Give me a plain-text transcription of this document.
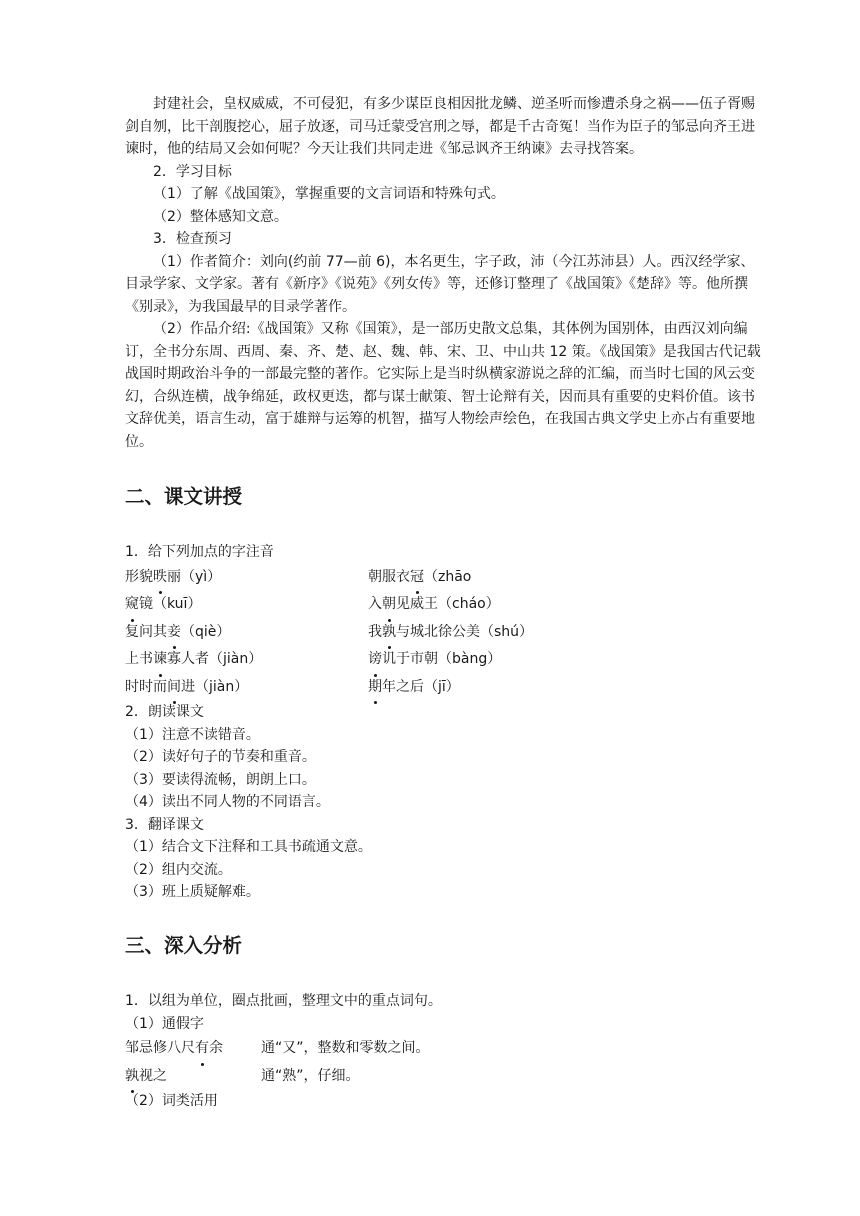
封建社会，皇权威威，不可侵犯，有多少谋臣良相因批龙鳞、逆圣听而惨遭杀身之祸——伍子胥赐剑自刎，比干剖腹挖心，屈子放逐，司马迁蒙受宫刑之辱，都是千古奇冤！当作为臣子的邹忌向齐王进谏时，他的结局又会如何呢？今天让我们共同走进《邹忌讽齐王纳谏》去寻找答案。

2．学习目标

（1）了解《战国策》，掌握重要的文言词语和特殊句式。

（2）整体感知文意。

3．检查预习

（1）作者简介：刘向(约前 77—前 6)，本名更生，字子政，沛（今江苏沛县）人。西汉经学家、目录学家、文学家。著有《新序》《说苑》《列女传》等，还修订整理了《战国策》《楚辞》等。他所撰《别录》，为我国最早的目录学著作。

（2）作品介绍:《战国策》又称《国策》，是一部历史散文总集，其体例为国别体，由西汉刘向编订，全书分东周、西周、秦、齐、楚、赵、魏、韩、宋、卫、中山共 12 策。《战国策》是我国古代记载战国时期政治斗争的一部最完整的著作。它实际上是当时纵横家游说之辞的汇编，而当时七国的风云变幻，合纵连横，战争绵延，政权更迭，都与谋士献策、智士论辩有关，因而具有重要的史料价值。该书文辞优美，语言生动，富于雄辩与运筹的机智，描写人物绘声绘色，在我国古典文学史上亦占有重要地位。

二、课文讲授

1．给下列加点的字注音

形貌昳丽（yì）	朝服衣冠（zhāo
窥镜（kuī）	入朝见威王（cháo）
复问其妾（qiè）	我孰与城北徐公美（shú）
上书谏寡人者（jiàn）	谤讥于市朝（bàng）
时时而间进（jiàn）	期年之后（jī）

2．朗读课文

（1）注意不读错音。

（2）读好句子的节奏和重音。

（3）要读得流畅，朗朗上口。

（4）读出不同人物的不同语言。

3．翻译课文

（1）结合文下注释和工具书疏通文意。

（2）组内交流。

（3）班上质疑解难。

三、深入分析

1．以组为单位，圈点批画，整理文中的重点词句。

（1）通假字

邹忌修八尺有余	通“又”，整数和零数之间。
孰视之	通“熟”，仔细。

（2）词类活用
